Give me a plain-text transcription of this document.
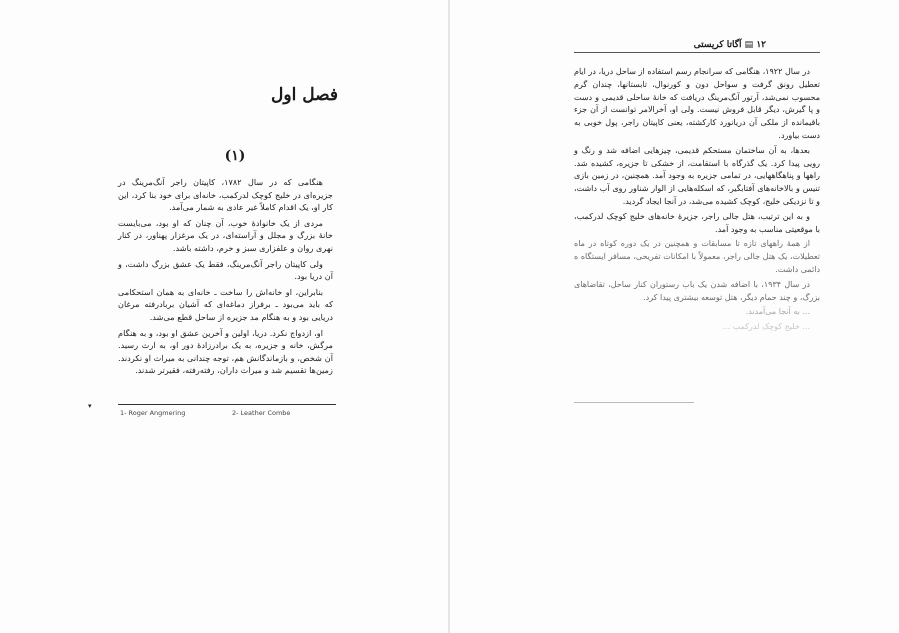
فصل اول
(۱)

هنگامی که در سال ۱۷۸۲، کاپیتان راجر آنگ‌مرینگ در جزیره‌ای در خلیج کوچک لدرکمب، خانه‌ای برای خود بنا کرد، این کار او، یک اقدام کاملاً غیر عادی به شمار می‌آمد.

مردی از یک خانوادهٔ خوب، آن چنان که او بود، می‌بایست خانهٔ بزرگ و مجلل و آراسته‌ای، در یک مرغزار پهناور، در کنار نهری روان و علفزاری سبز و خرم، داشته باشد.

ولی کاپیتان راجر آنگ‌مرینگ، فقط یک عشق بزرگ داشت، و آن دریا بود.

بنابراین، او خانه‌اش را ساخت ـ خانه‌ای به همان استحکامی که باید می‌بود ـ برفراز دماغه‌ای که آشیان بربادرفته مرغان دریایی بود و به هنگام مد جزیره از ساحل قطع می‌شد.

او، ازدواج نکرد. دریا، اولین و آخرین عشق او بود، و به هنگام مرگش، خانه و جزیره، به یک برادرزادهٔ دور او، به ارث رسید. آن شخص، و بازماندگانش هم، توجه چندانی به میراث او نکردند. زمین‌ها تقسیم شد و میراث داران، رفته‌رفته، فقیرتر شدند.

1- Roger Angmering	2- Leather Combe
▾
۱۲ ▤ آگاتا کریستی

در سال ۱۹۲۲، هنگامی که سرانجام رسم استفاده از ساحل دریا، در ایام تعطیل رونق گرفت و سواحل دون و کورنوال، تابستانها، چندان گرم محسوب نمی‌شد، آرتور آنگ‌مرینگ دریافت که خانهٔ ساحلی قدیمی و دست و پا گیرش، دیگر قابل فروش نیست. ولی او، آخرالامر توانست از آن جزء باقیمانده از ملکی آن دریانورد کارکشته، یعنی کاپیتان راجر، پول خوبی به دست بیاورد.

بعدها، به آن ساختمان مستحکم قدیمی، چیزهایی اضافه شد و رنگ و رویی پیدا کرد. یک گذرگاه با استقامت، از خشکی تا جزیره، کشیده شد. راهها و پناهگاههایی، در تمامی جزیره به وجود آمد. همچنین، در زمین بازی تنیس و بالاخانه‌های آفتابگیر، که اسکله‌هایی از الوار شناور روی آب داشت، و تا نزدیکی خلیج، کوچک کشیده می‌شد، در آنجا ایجاد گردید.

و به این ترتیب، هتل جالی راجر، جزیرهٔ خانه‌های خلیج کوچک لدرکمب، با موقعیتی مناسب به وجود آمد.

از همهٔ راههای تازه تا مسابقات و همچنین در یک دوره کوتاه در ماه تعطیلات، یک هتل جالی راجر، معمولاً با امکانات تفریحی، مسافر ایستگاه ه دائمی داشت.

در سال ۱۹۳۴، با اضافه شدن یک باب رستوران کنار ساحل، تقاضاهای بزرگ، و چند حمام دیگر، هتل توسعه بیشتری پیدا کرد.

... به آنجا می‌آمدند.

... خلیج کوچک لدرکمب ...
